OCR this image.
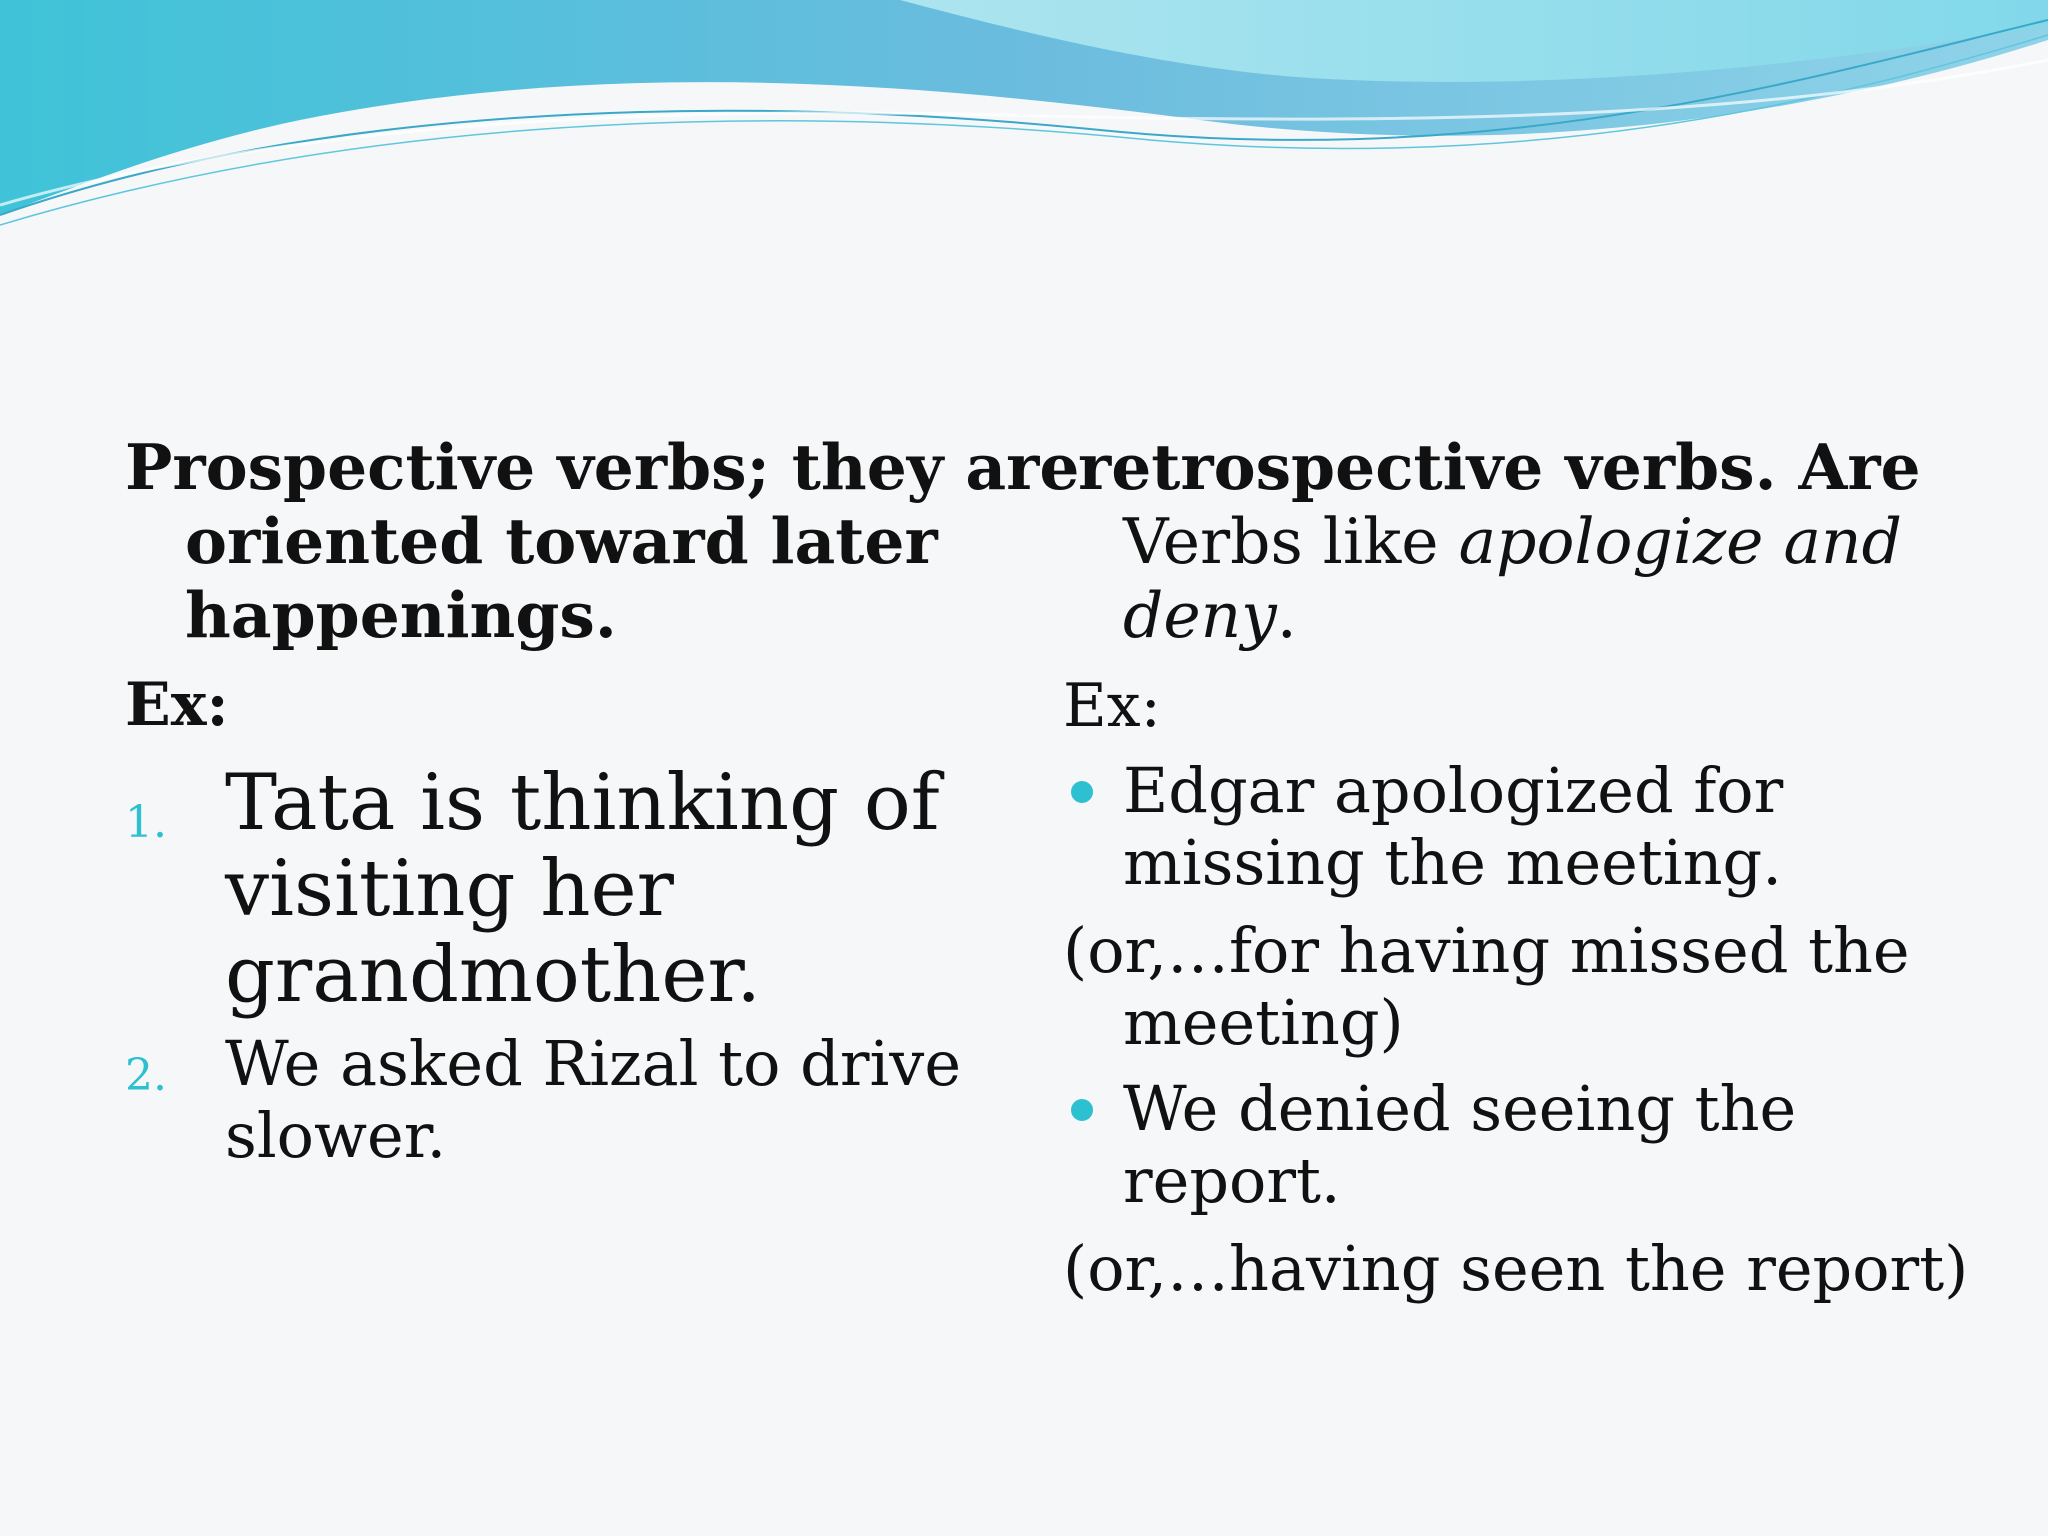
Prospective verbs; they are
oriented toward later
happenings.

Ex:

1. Tata is thinking of
visiting her
grandmother.
2. We asked Rizal to drive
slower.

retrospective verbs. Are
Verbs like apologize and
deny.

Ex:

Edgar apologized for
missing the meeting.
(or,…for having missed the
meeting)
We denied seeing the
report.
(or,…having seen the report)
